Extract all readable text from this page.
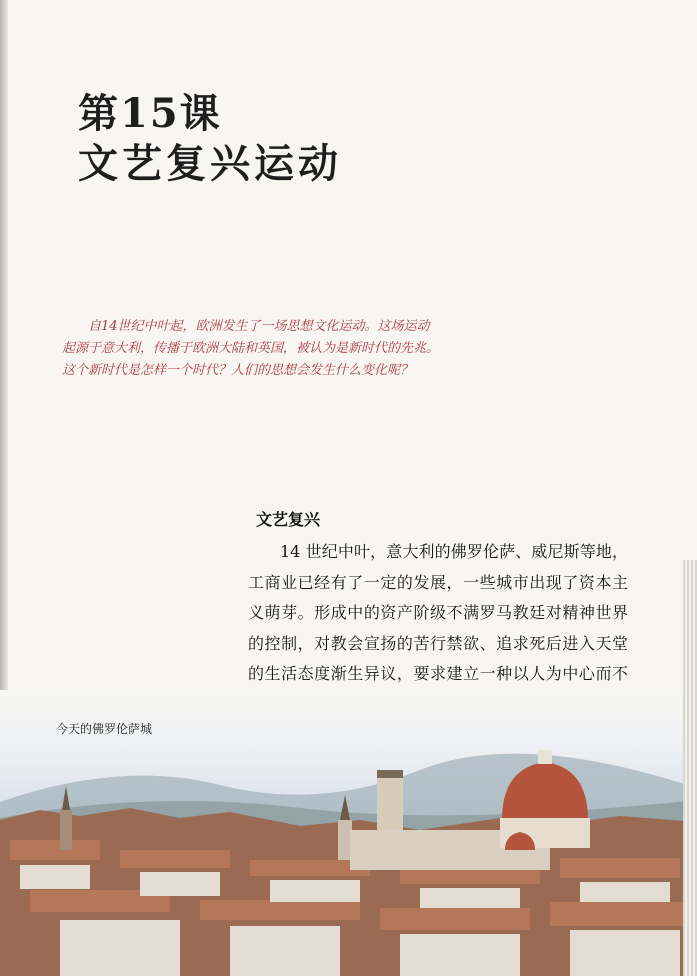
第15课
文艺复兴运动
自14世纪中叶起，欧洲发生了一场思想文化运动。这场运动起源于意大利，传播于欧洲大陆和英国，被认为是新时代的先兆。这个新时代是怎样一个时代？人们的思想会发生什么变化呢？
文艺复兴
14 世纪中叶，意大利的佛罗伦萨、威尼斯等地，工商业已经有了一定的发展，一些城市出现了资本主义萌芽。形成中的资产阶级不满罗马教廷对精神世界的控制，对教会宣扬的苦行禁欲、追求死后进入天堂的生活态度渐生异议，要求建立一种以人为中心而不
今天的佛罗伦萨城
